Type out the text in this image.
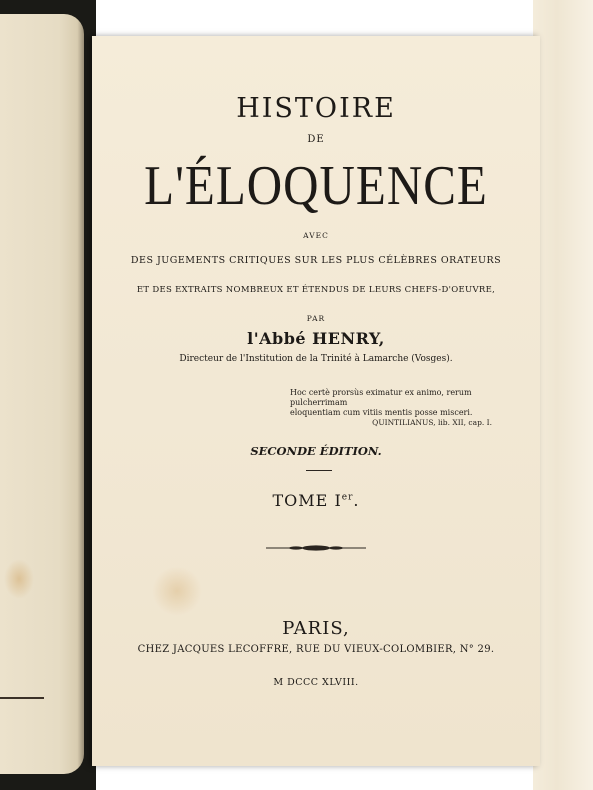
HISTOIRE
DE
L'ÉLOQUENCE
AVEC
DES JUGEMENTS CRITIQUES SUR LES PLUS CÉLÈBRES ORATEURS
ET DES EXTRAITS NOMBREUX ET ÉTENDUS DE LEURS CHEFS-D'OEUVRE,
PAR
l'Abbé HENRY,
Directeur de l'Institution de la Trinité à Lamarche (Vosges).
Hoc certè prorsùs eximatur ex animo, rerum pulcherrimam
eloquentiam cum vitiis mentis posse misceri.

QUINTILIANUS, lib. XII, cap. I.
SECONDE ÉDITION.
TOME Ier.
PARIS,
CHEZ JACQUES LECOFFRE, RUE DU VIEUX-COLOMBIER, N° 29.
M DCCC XLVIII.
